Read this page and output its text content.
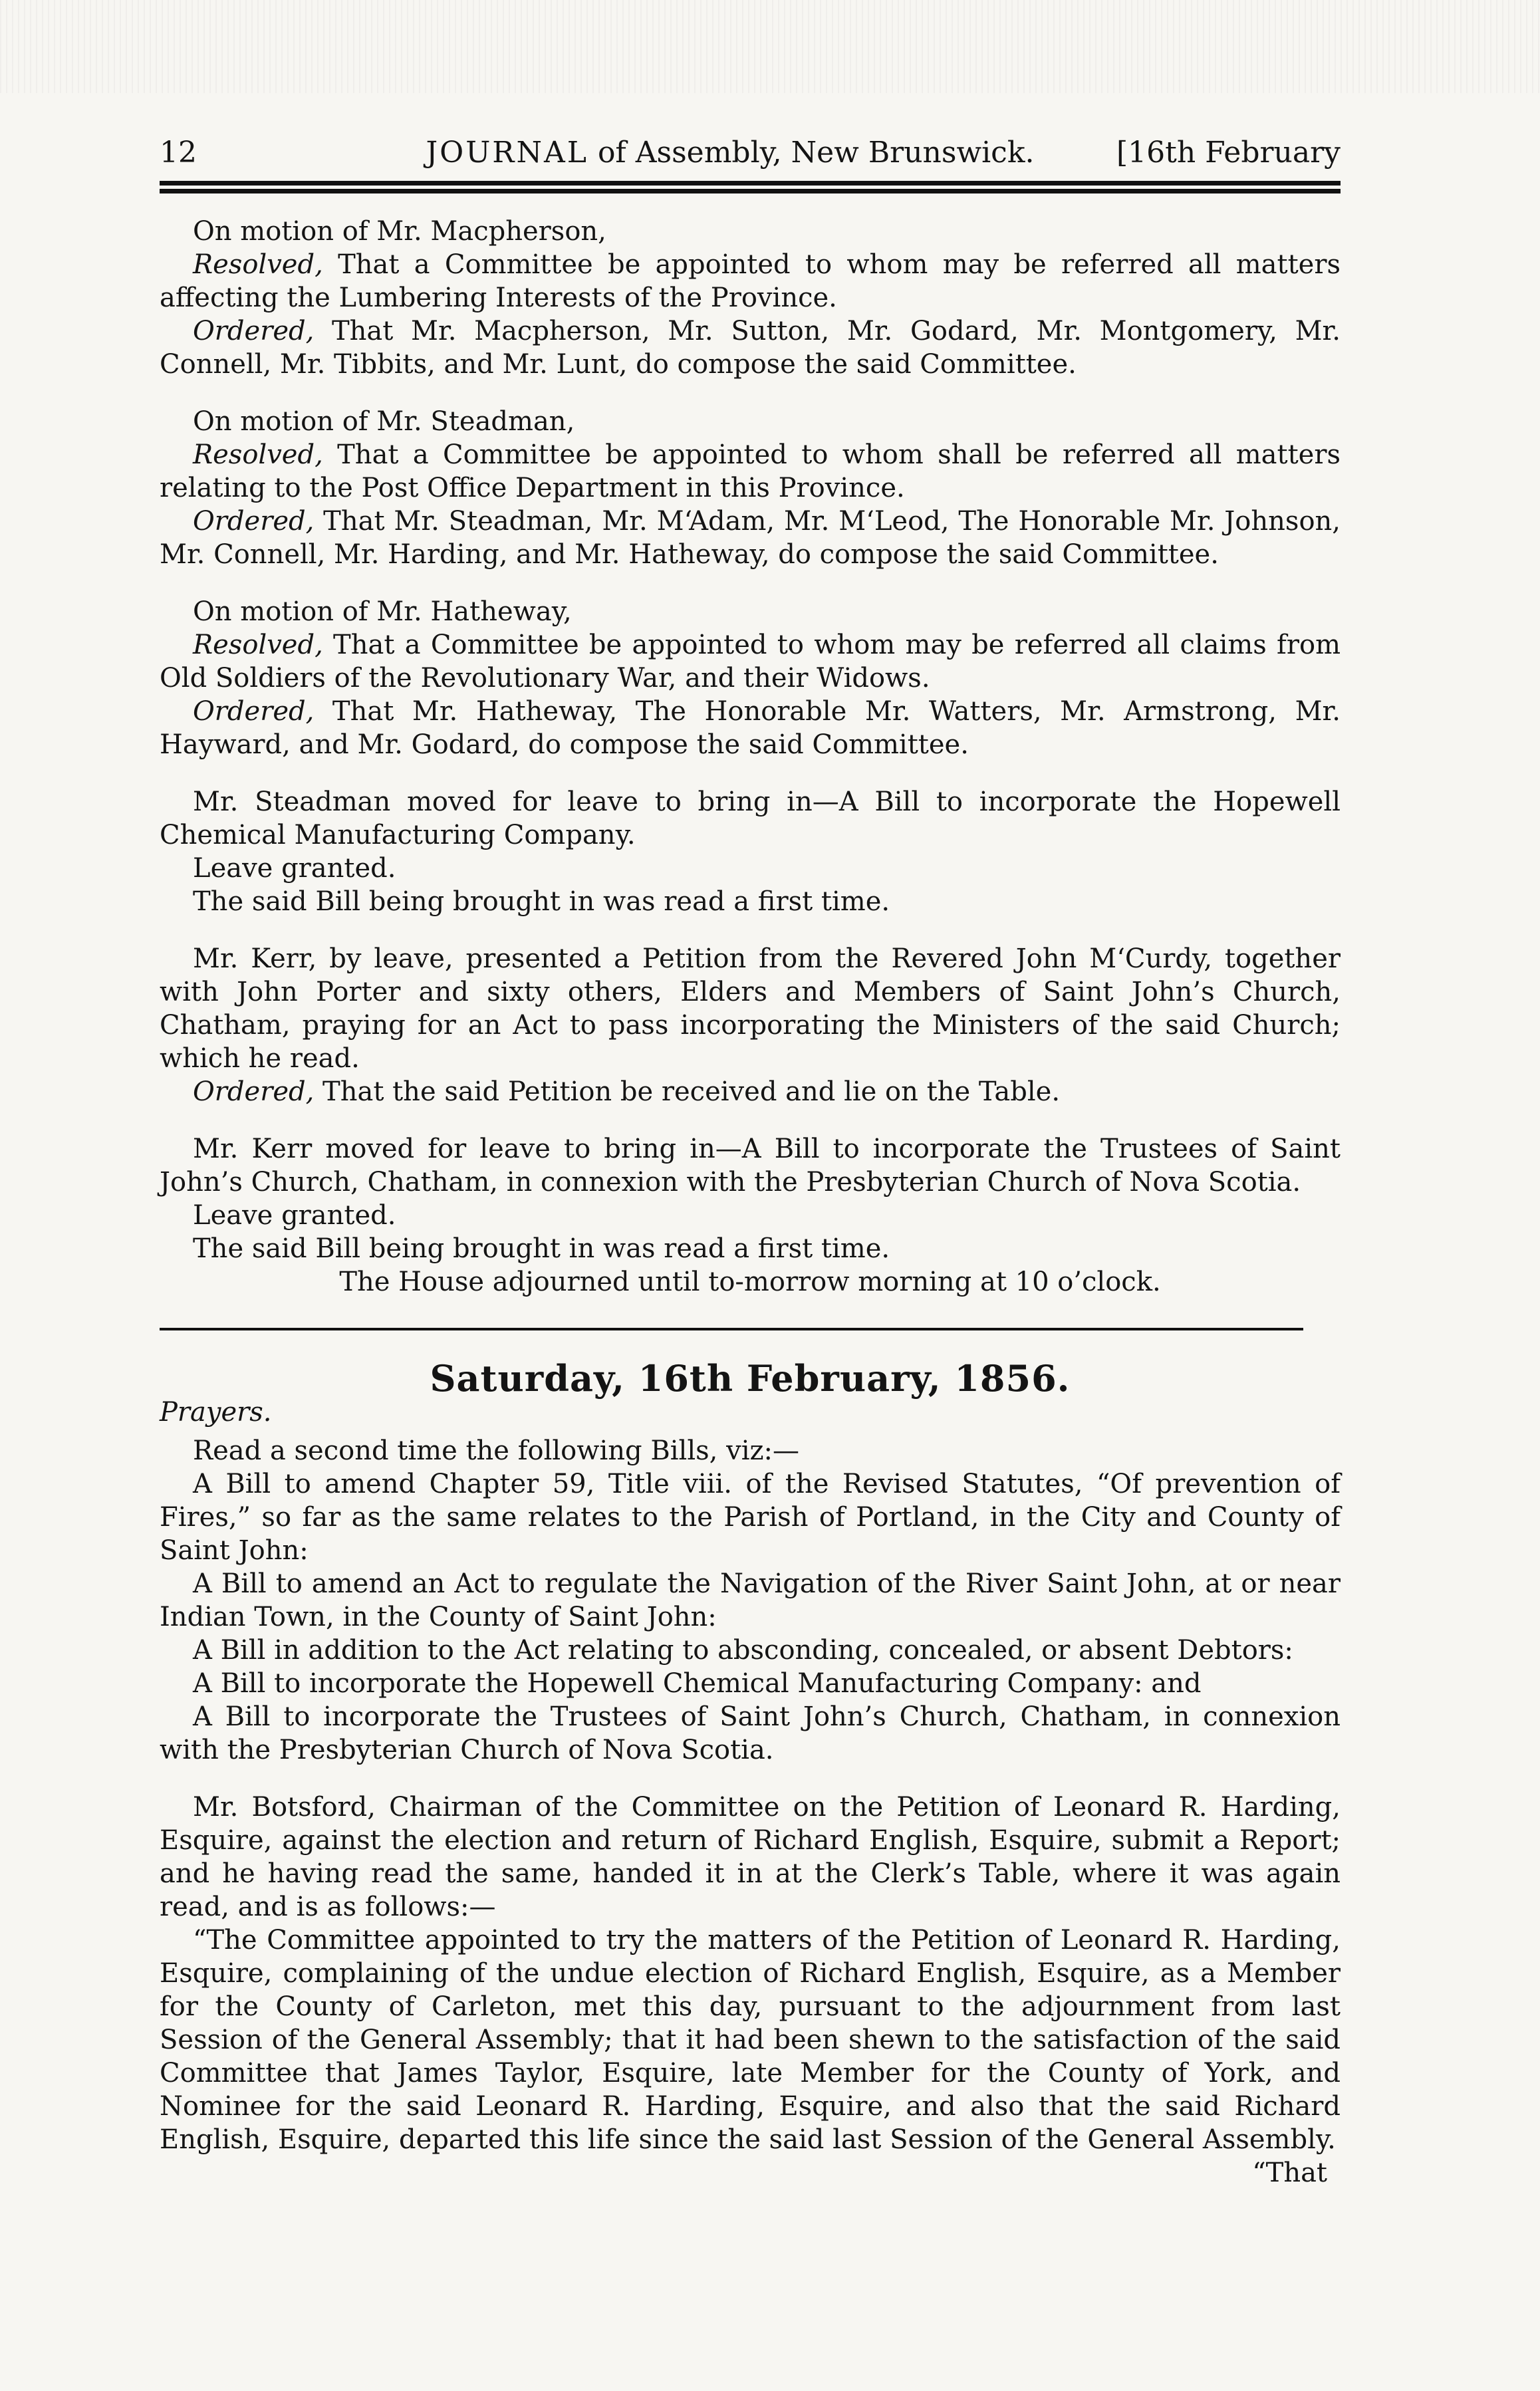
12	JOURNAL of Assembly, New Brunswick.	[16th February

On motion of Mr. Macpherson,

Resolved, That a Committee be appointed to whom may be referred all matters affecting the Lumbering Interests of the Province.

Ordered, That Mr. Macpherson, Mr. Sutton, Mr. Godard, Mr. Montgomery, Mr. Connell, Mr. Tibbits, and Mr. Lunt, do compose the said Committee.

On motion of Mr. Steadman,

Resolved, That a Committee be appointed to whom shall be referred all matters relating to the Post Office Department in this Province.

Ordered, That Mr. Steadman, Mr. M‘Adam, Mr. M‘Leod, The Honorable Mr. Johnson, Mr. Connell, Mr. Harding, and Mr. Hatheway, do compose the said Committee.

On motion of Mr. Hatheway,

Resolved, That a Committee be appointed to whom may be referred all claims from Old Soldiers of the Revolutionary War, and their Widows.

Ordered, That Mr. Hatheway, The Honorable Mr. Watters, Mr. Armstrong, Mr. Hayward, and Mr. Godard, do compose the said Committee.

Mr. Steadman moved for leave to bring in—A Bill to incorporate the Hopewell Chemical Manufacturing Company.

Leave granted.

The said Bill being brought in was read a first time.

Mr. Kerr, by leave, presented a Petition from the Revered John M‘Curdy, together with John Porter and sixty others, Elders and Members of Saint John’s Church, Chatham, praying for an Act to pass incorporating the Ministers of the said Church; which he read.

Ordered, That the said Petition be received and lie on the Table.

Mr. Kerr moved for leave to bring in—A Bill to incorporate the Trustees of Saint John’s Church, Chatham, in connexion with the Presbyterian Church of Nova Scotia.

Leave granted.

The said Bill being brought in was read a first time.

The House adjourned until to-morrow morning at 10 o’clock.

Saturday, 16th February, 1856.
Prayers.

Read a second time the following Bills, viz:—

A Bill to amend Chapter 59, Title viii. of the Revised Statutes, “Of prevention of Fires,” so far as the same relates to the Parish of Portland, in the City and County of Saint John:

A Bill to amend an Act to regulate the Navigation of the River Saint John, at or near Indian Town, in the County of Saint John:

A Bill in addition to the Act relating to absconding, concealed, or absent Debtors:

A Bill to incorporate the Hopewell Chemical Manufacturing Company: and

A Bill to incorporate the Trustees of Saint John’s Church, Chatham, in connexion with the Presbyterian Church of Nova Scotia.

Mr. Botsford, Chairman of the Committee on the Petition of Leonard R. Harding, Esquire, against the election and return of Richard English, Esquire, submit a Report; and he having read the same, handed it in at the Clerk’s Table, where it was again read, and is as follows:—

“The Committee appointed to try the matters of the Petition of Leonard R. Harding, Esquire, complaining of the undue election of Richard English, Esquire, as a Member for the County of Carleton, met this day, pursuant to the adjournment from last Session of the General Assembly; that it had been shewn to the satisfaction of the said Committee that James Taylor, Esquire, late Member for the County of York, and Nominee for the said Leonard R. Harding, Esquire, and also that the said Richard English, Esquire, departed this life since the said last Session of the General Assembly.

“That
